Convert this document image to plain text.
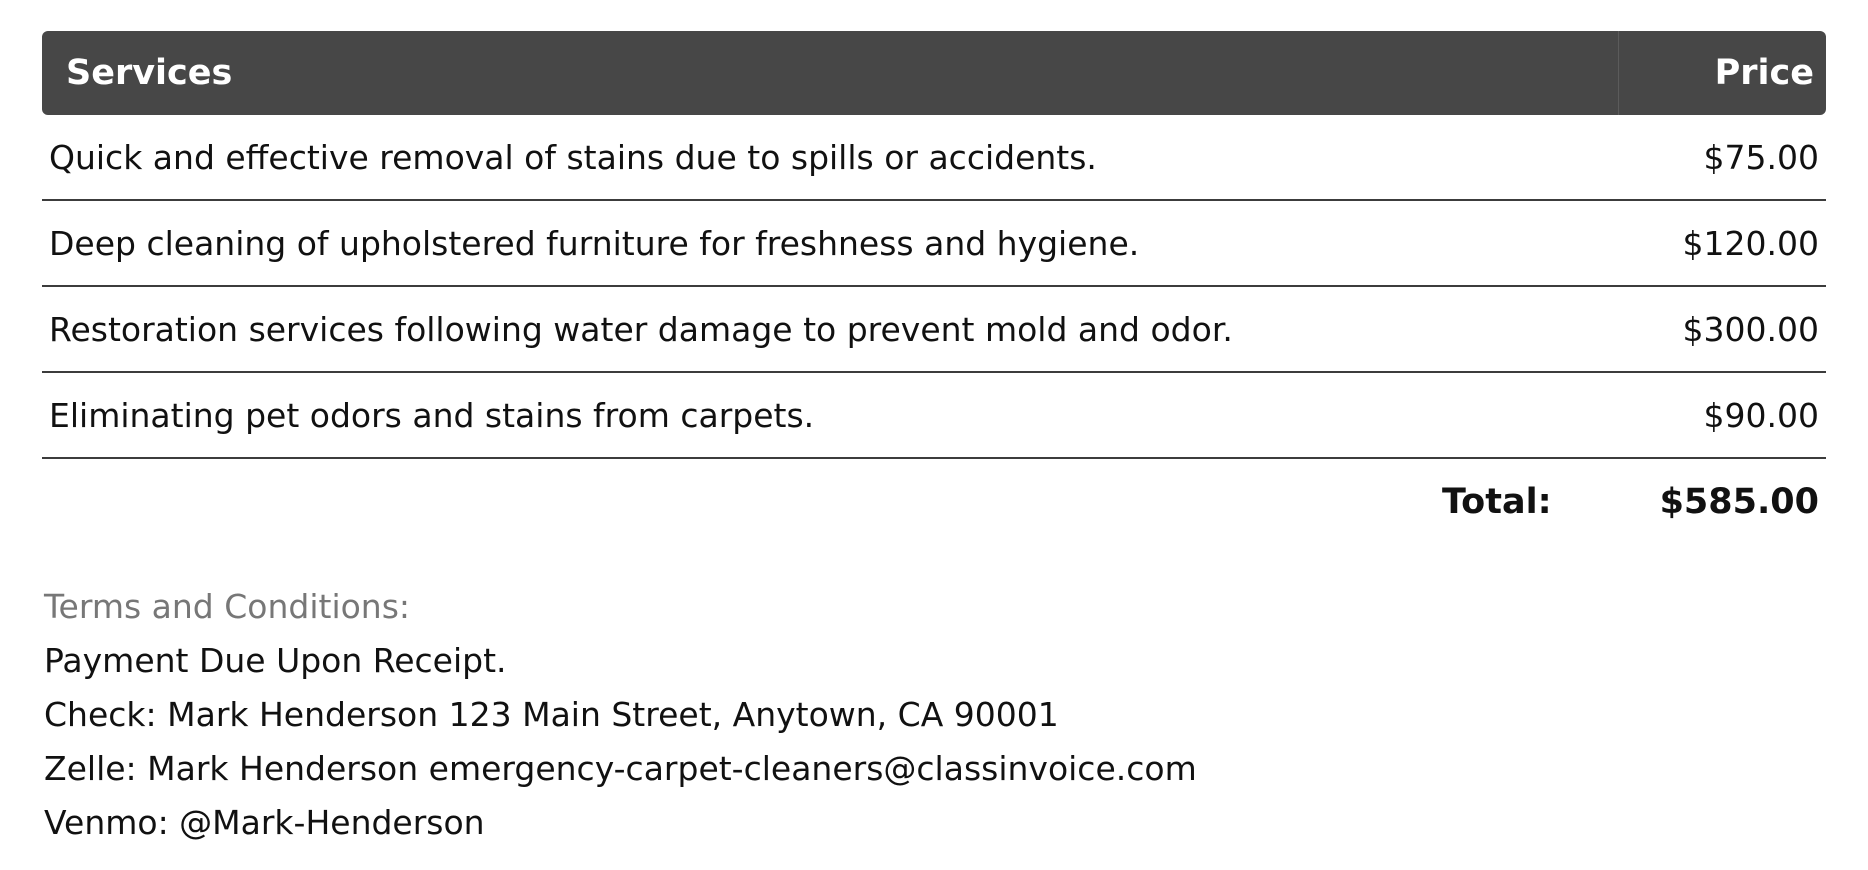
Services	Price
Quick and effective removal of stains due to spills or accidents.	$75.00
Deep cleaning of upholstered furniture for freshness and hygiene.	$120.00
Restoration services following water damage to prevent mold and odor.	$300.00
Eliminating pet odors and stains from carpets.	$90.00
Total:	$585.00
Terms and Conditions:
Payment Due Upon Receipt.
Check: Mark Henderson 123 Main Street, Anytown, CA 90001
Zelle: Mark Henderson emergency-carpet-cleaners@classinvoice.com
Venmo: @Mark-Henderson
